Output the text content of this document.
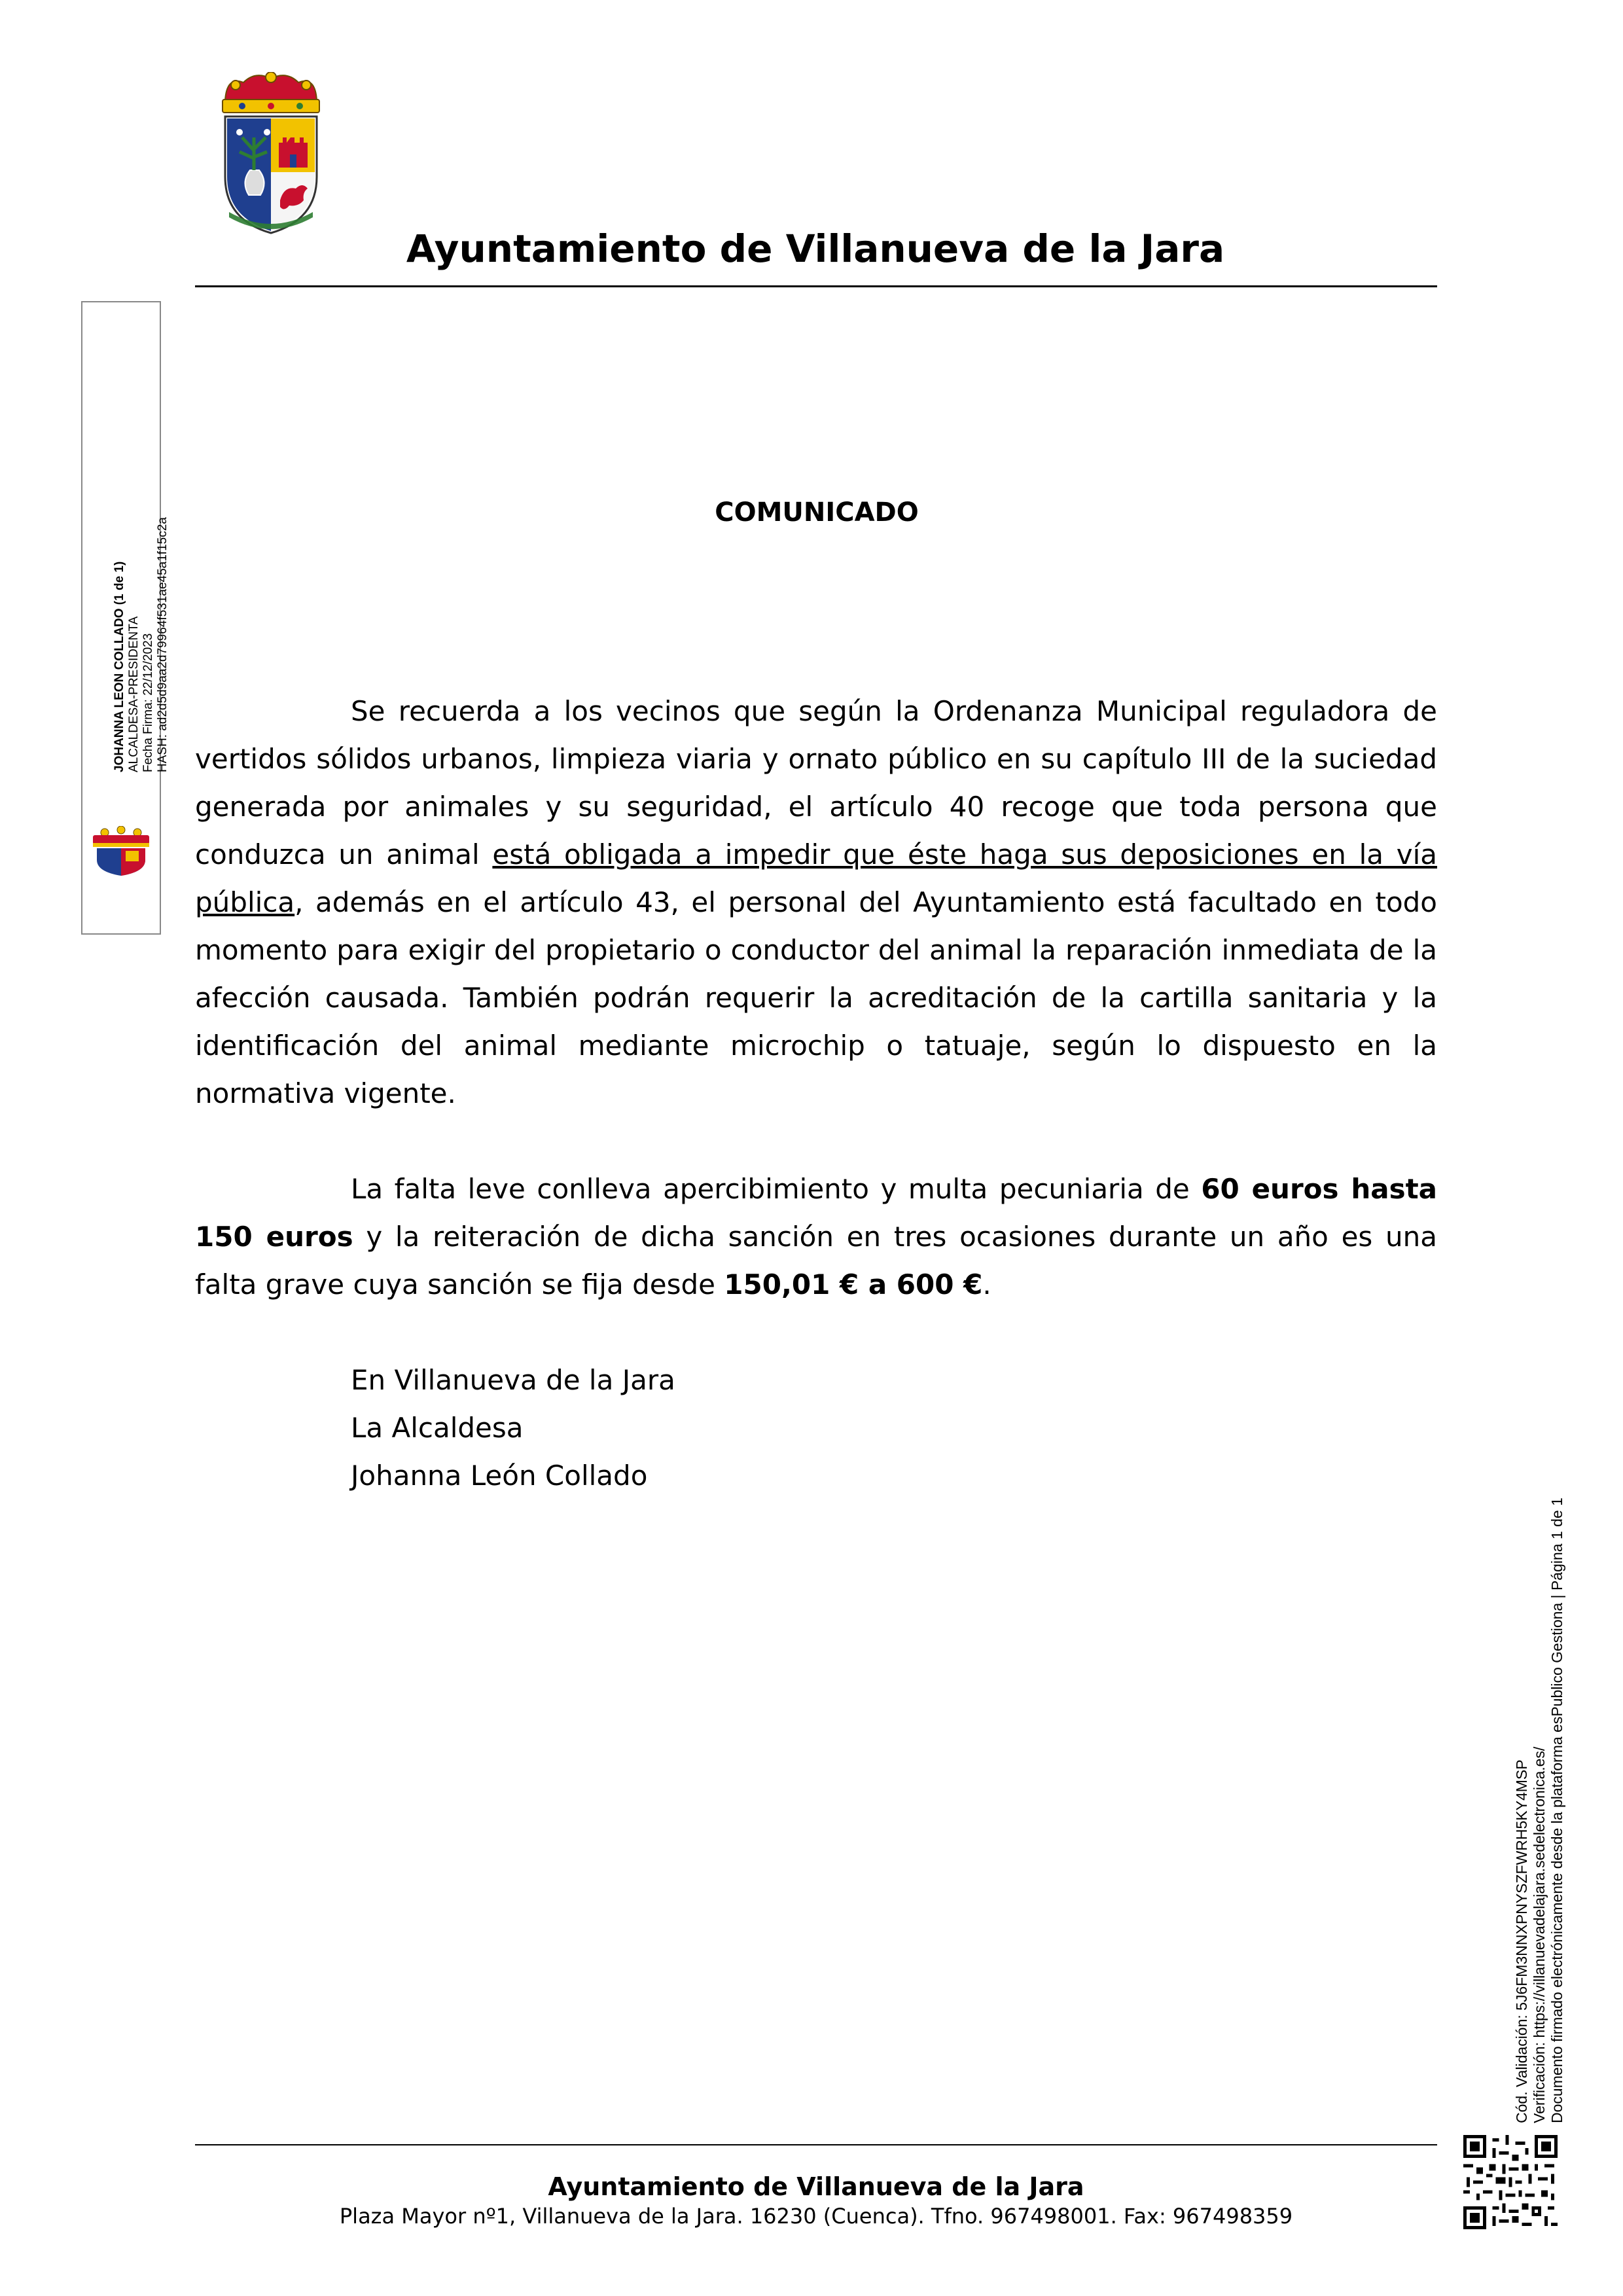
Ayuntamiento de Villanueva de la Jara
JOHANNA LEON COLLADO (1 de 1) ALCALDESA-PRESIDENTA Fecha Firma: 22/12/2023 HASH: ad2d5d9aa2d79964f531ae45a1f15c2a
COMUNICADO

Se recuerda a los vecinos que según la Ordenanza Municipal reguladora de vertidos sólidos urbanos, limpieza viaria y ornato público en su capítulo III de la suciedad generada por animales y su seguridad, el artículo 40 recoge que toda persona que conduzca un animal está obligada a impedir que éste haga sus deposiciones en la vía pública, además en el artículo 43, el personal del Ayuntamiento está facultado en todo momento para exigir del propietario o conductor del animal la reparación inmediata de la afección causada. También podrán requerir la acreditación de la cartilla sanitaria y la identificación del animal mediante microchip o tatuaje, según lo dispuesto en la normativa vigente.

La falta leve conlleva apercibimiento y multa pecuniaria de 60 euros hasta 150 euros y la reiteración de dicha sanción en tres ocasiones durante un año es una falta grave cuya sanción se fija desde 150,01 € a 600 €.

En Villanueva de la Jara
La Alcaldesa
Johanna León Collado
Cód. Validación: 5J6FM3NNXPNYSZFWRH5KY4MSP Verificación: https://villanuevadelajara.sedelectronica.es/ Documento firmado electrónicamente desde la plataforma esPublico Gestiona | Página 1 de 1
Ayuntamiento de Villanueva de la Jara
Plaza Mayor nº1, Villanueva de la Jara. 16230 (Cuenca). Tfno. 967498001. Fax: 967498359
